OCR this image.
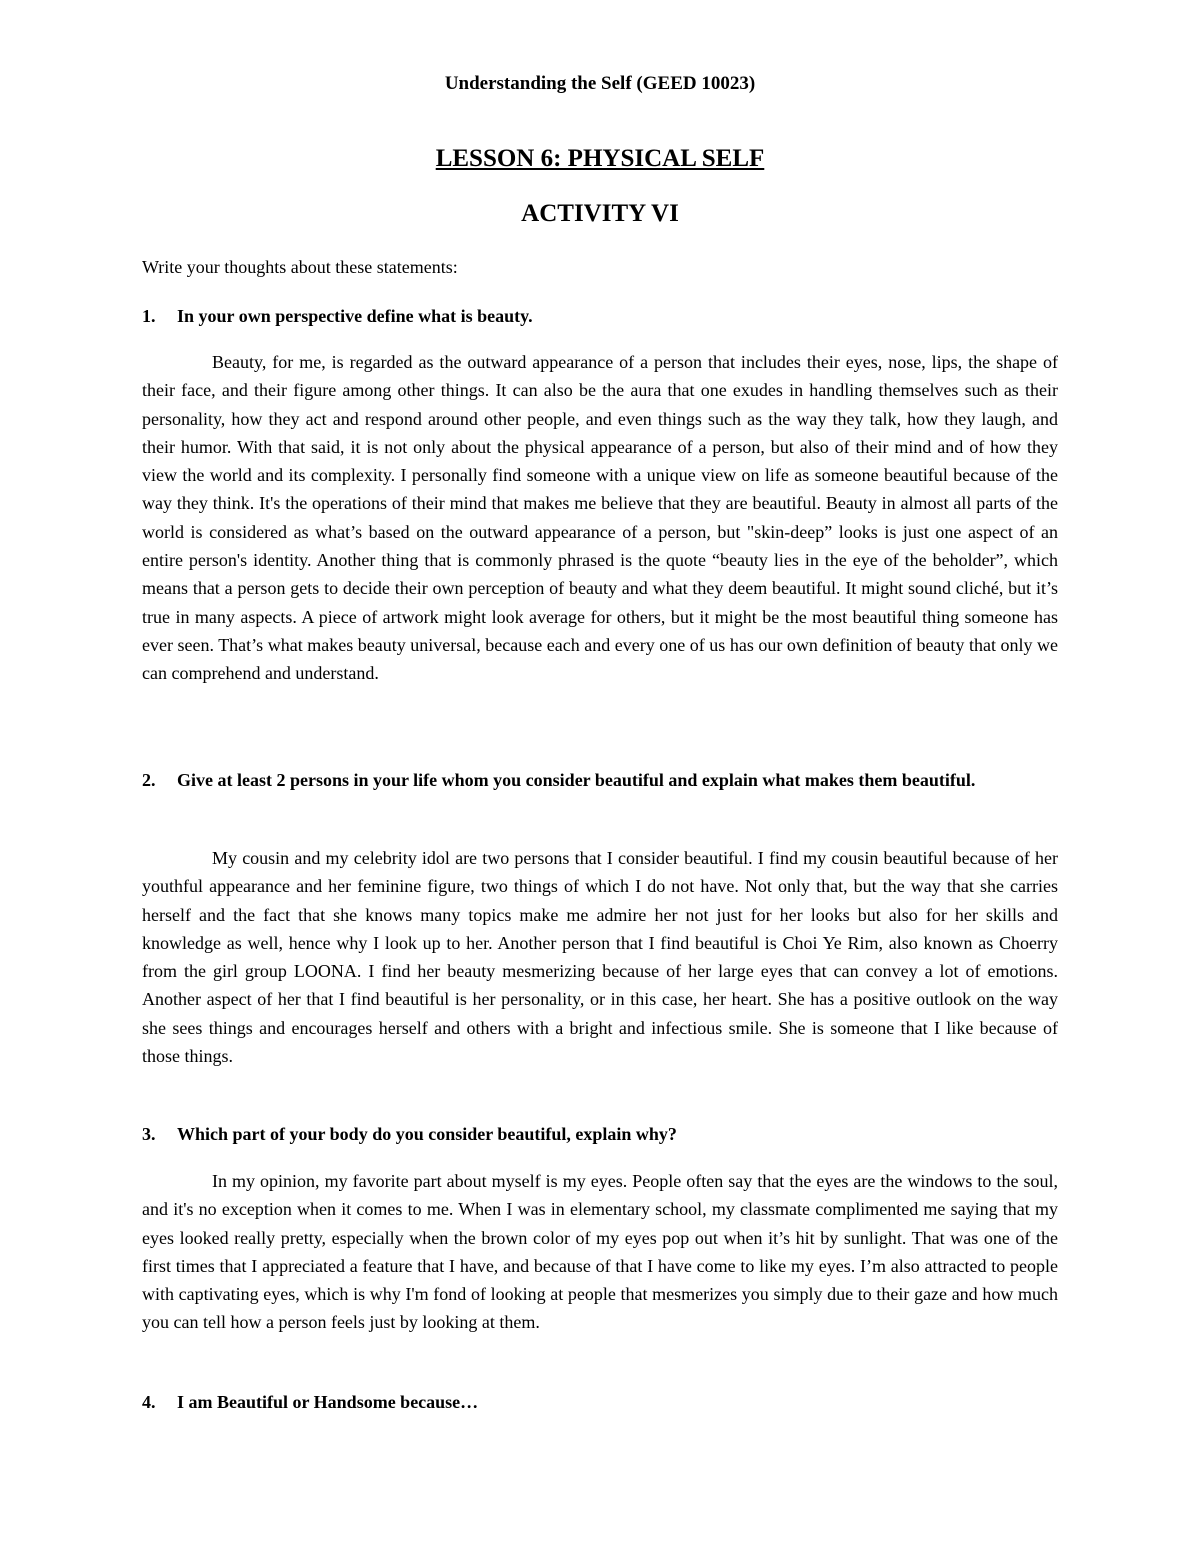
Understanding the Self (GEED 10023)

LESSON 6: PHYSICAL SELF

ACTIVITY VI

Write your thoughts about these statements:

1.	In your own perspective define what is beauty.

Beauty, for me, is regarded as the outward appearance of a person that includes their eyes, nose, lips, the shape of their face, and their figure among other things. It can also be the aura that one exudes in handling themselves such as their personality, how they act and respond around other people, and even things such as the way they talk, how they laugh, and their humor. With that said, it is not only about the physical appearance of a person, but also of their mind and of how they view the world and its complexity. I personally find someone with a unique view on life as someone beautiful because of the way they think. It's the operations of their mind that makes me believe that they are beautiful. Beauty in almost all parts of the world is considered as what’s based on the outward appearance of a person, but "skin-deep” looks is just one aspect of an entire person's identity. Another thing that is commonly phrased is the quote “beauty lies in the eye of the beholder”, which means that a person gets to decide their own perception of beauty and what they deem beautiful. It might sound cliché, but it’s true in many aspects. A piece of artwork might look average for others, but it might be the most beautiful thing someone has ever seen. That’s what makes beauty universal, because each and every one of us has our own definition of beauty that only we can comprehend and understand.

2.	Give at least 2 persons in your life whom you consider beautiful and explain what makes them beautiful.

My cousin and my celebrity idol are two persons that I consider beautiful. I find my cousin beautiful because of her youthful appearance and her feminine figure, two things of which I do not have. Not only that, but the way that she carries herself and the fact that she knows many topics make me admire her not just for her looks but also for her skills and knowledge as well, hence why I look up to her. Another person that I find beautiful is Choi Ye Rim, also known as Choerry from the girl group LOONA. I find her beauty mesmerizing because of her large eyes that can convey a lot of emotions. Another aspect of her that I find beautiful is her personality, or in this case, her heart. She has a positive outlook on the way she sees things and encourages herself and others with a bright and infectious smile. She is someone that I like because of those things.

3.	Which part of your body do you consider beautiful, explain why?

In my opinion, my favorite part about myself is my eyes. People often say that the eyes are the windows to the soul, and it's no exception when it comes to me. When I was in elementary school, my classmate complimented me saying that my eyes looked really pretty, especially when the brown color of my eyes pop out when it’s hit by sunlight. That was one of the first times that I appreciated a feature that I have, and because of that I have come to like my eyes. I’m also attracted to people with captivating eyes, which is why I'm fond of looking at people that mesmerizes you simply due to their gaze and how much you can tell how a person feels just by looking at them.

4.	I am Beautiful or Handsome because…
